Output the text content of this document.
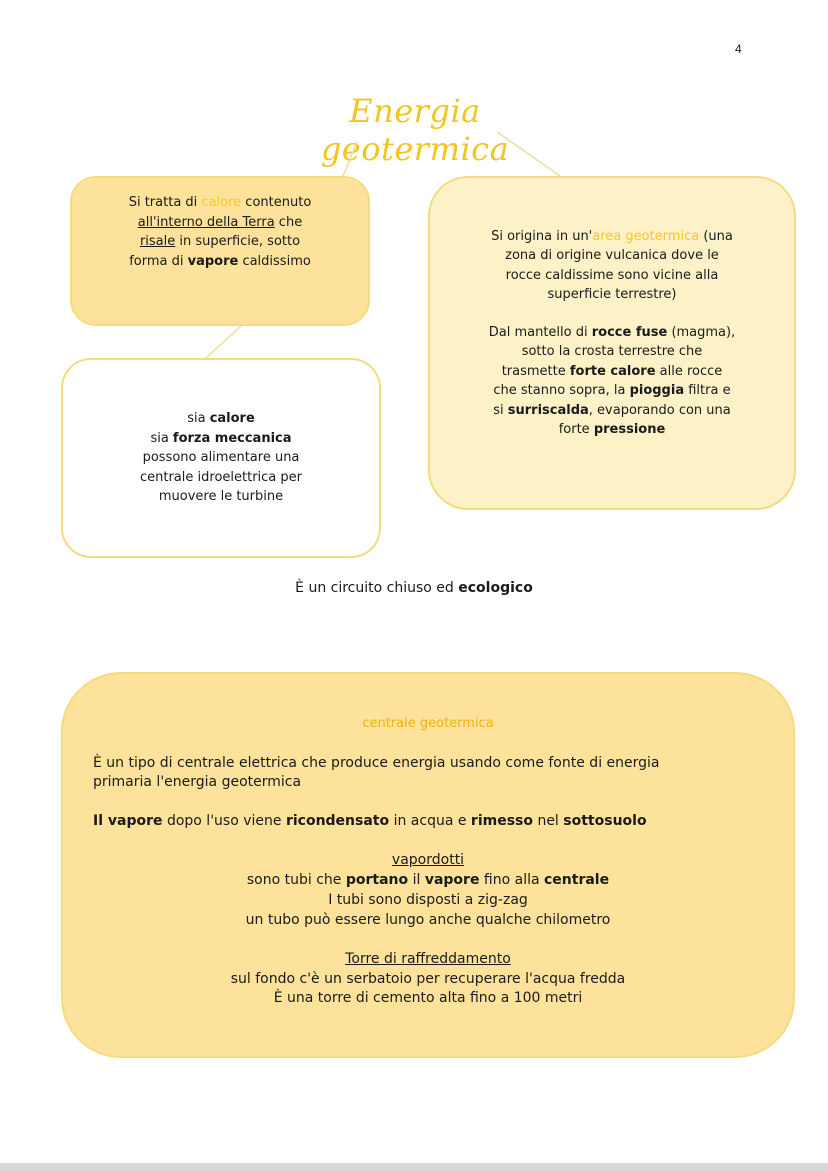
4
Energia geotermica

Si tratta di calore contenuto

all'interno della Terra che

risale in superficie, sotto

forma di vapore caldissimo

Si origina in un'area geotermica (una

zona di origine vulcanica dove le

rocce caldissime sono vicine alla

superficie terrestre)

Dal mantello di rocce fuse (magma),

sotto la crosta terrestre che

trasmette forte calore alle rocce

che stanno sopra, la pioggia filtra e

si surriscalda, evaporando con una

forte pressione

sia calore

sia forza meccanica

possono alimentare una

centrale idroelettrica per

muovere le turbine

È un circuito chiuso ed ecologico
centrale geotermica

È un tipo di centrale elettrica che produce energia usando come fonte di energia

primaria l'energia geotermica

Il vapore dopo l'uso viene ricondensato in acqua e rimesso nel sottosuolo

vapordotti

sono tubi che portano il vapore fino alla centrale

I tubi sono disposti a zig-zag

un tubo può essere lungo anche qualche chilometro

Torre di raffreddamento

sul fondo c'è un serbatoio per recuperare l'acqua fredda

È una torre di cemento alta fino a 100 metri
